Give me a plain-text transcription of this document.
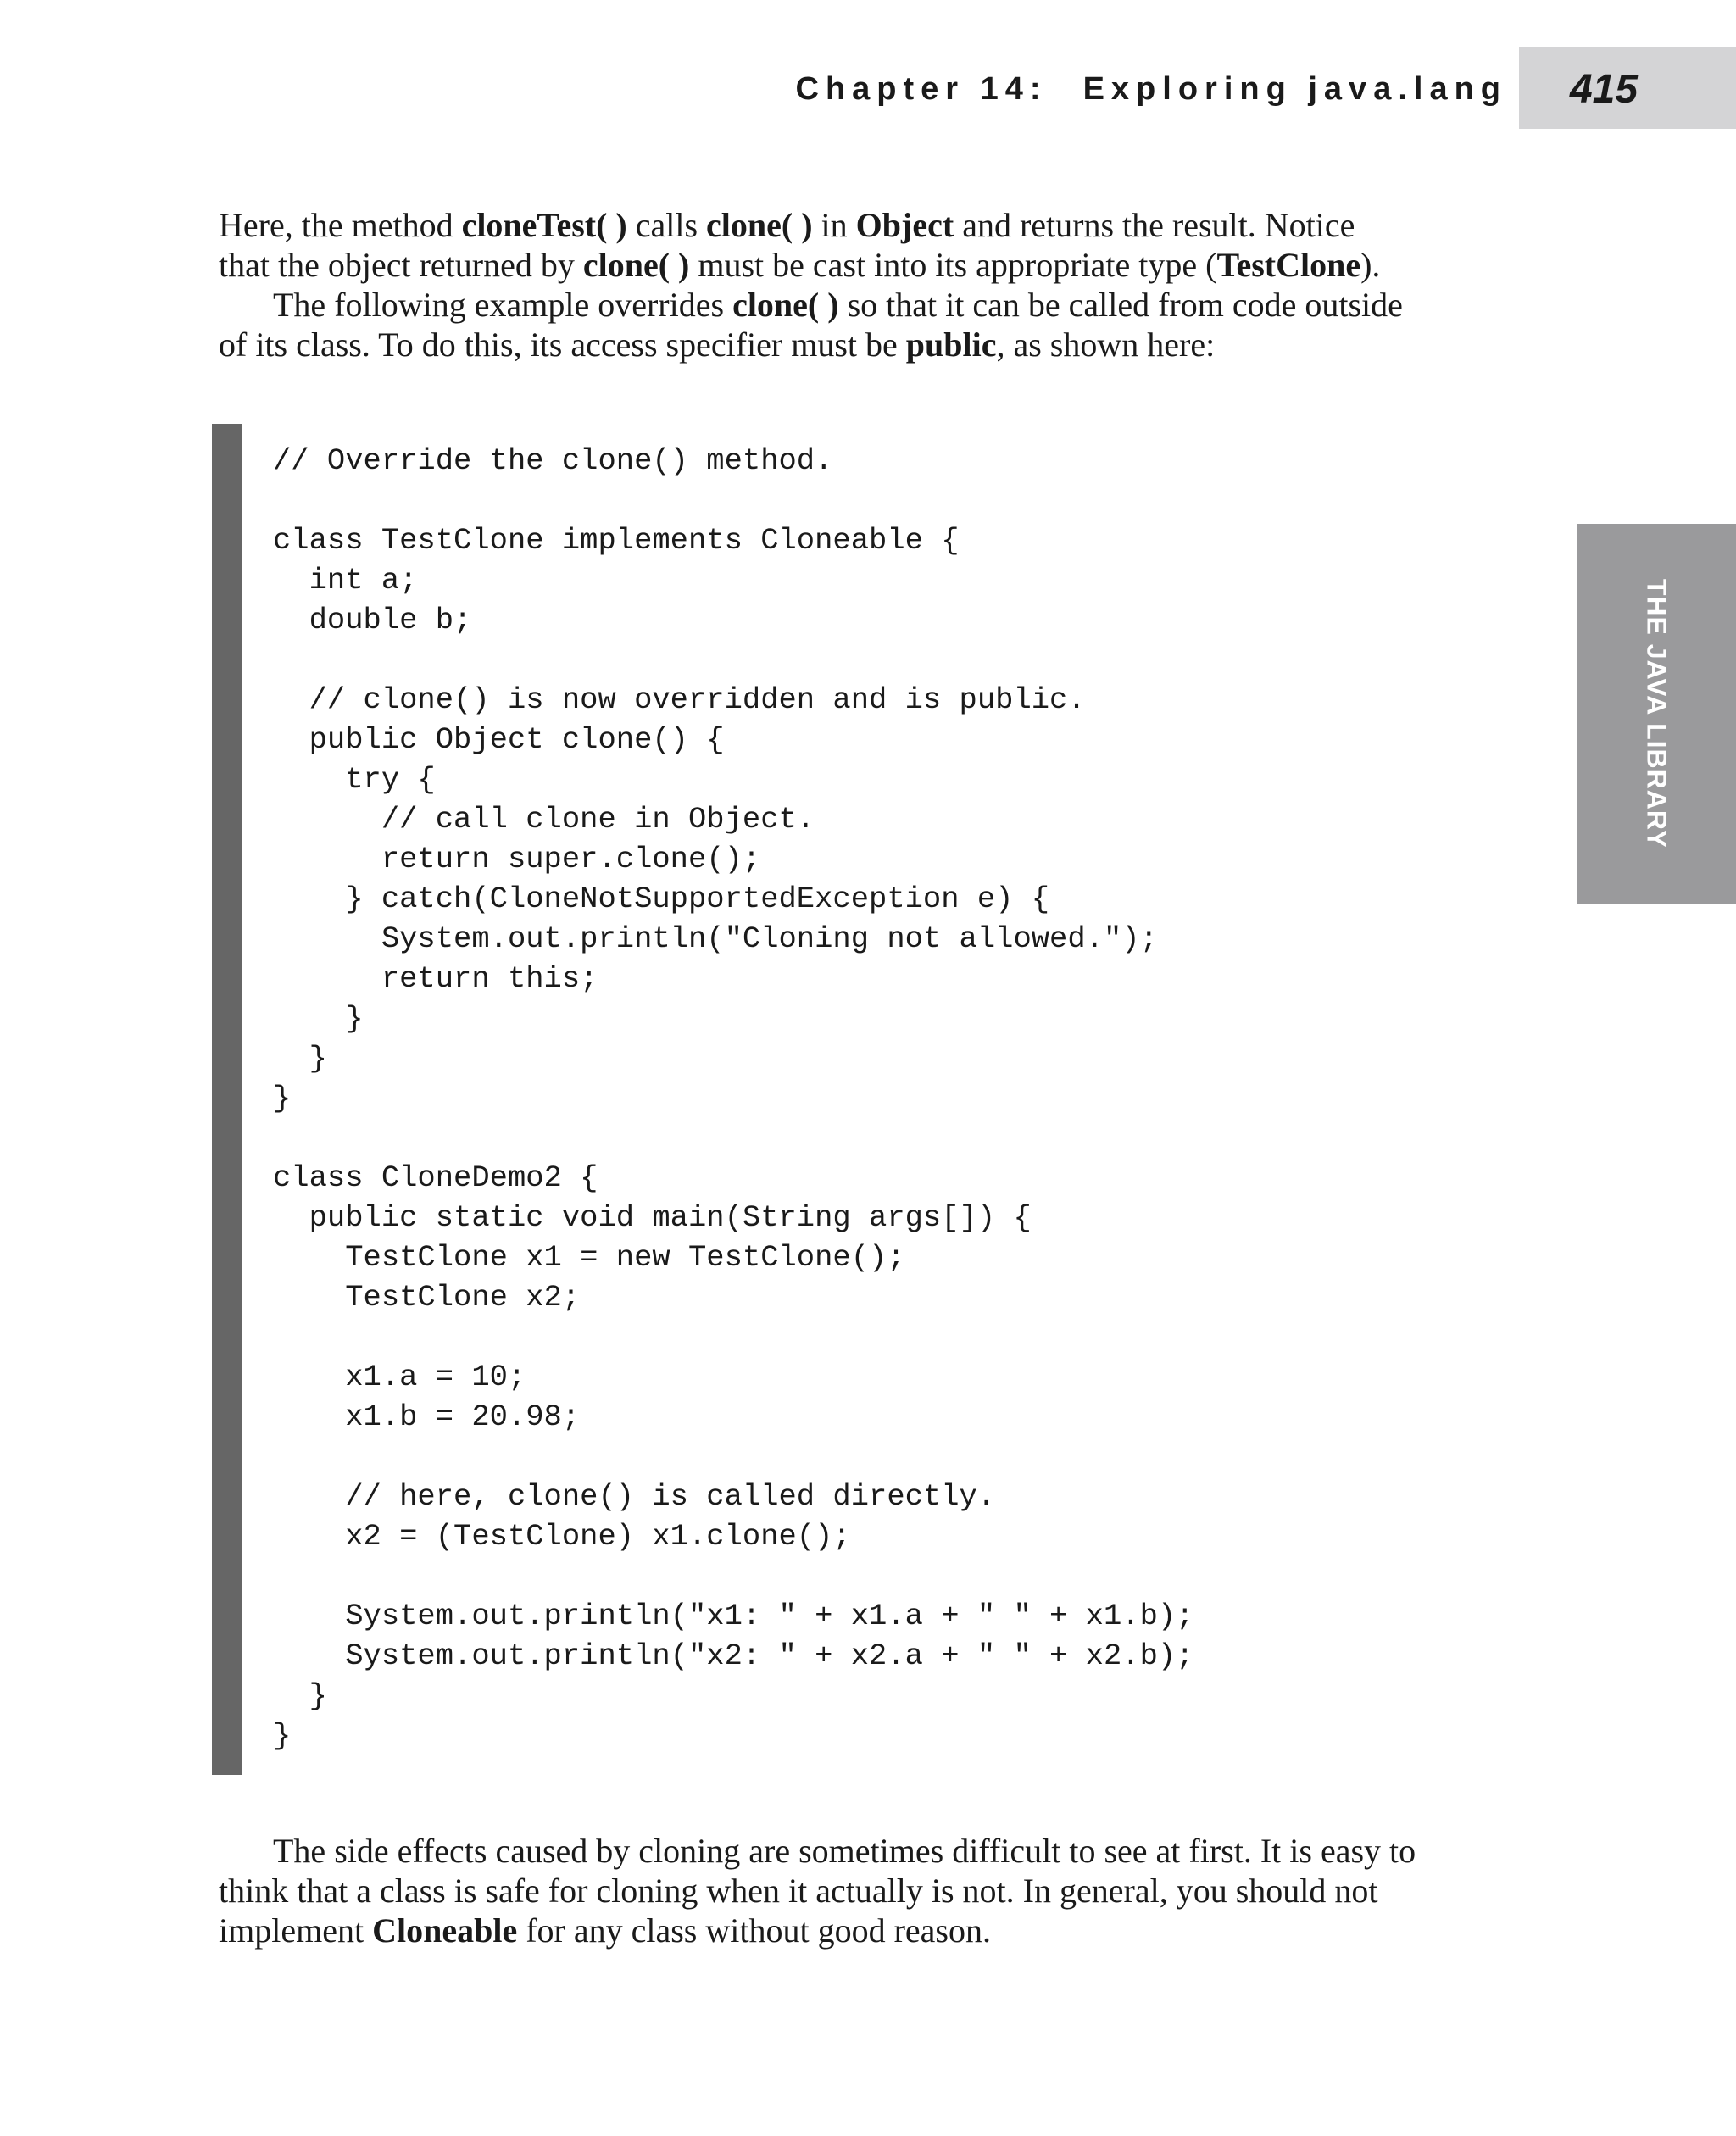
Chapter 14: Exploring java.lang	415
THE JAVA LIBRARY
Here, the method cloneTest( ) calls clone( ) in Object and returns the result. Notice
that the object returned by clone( ) must be cast into its appropriate type (TestClone).
The following example overrides clone( ) so that it can be called from code outside
of its class. To do this, its access specifier must be public, as shown here:
// Override the clone() method.
class TestClone implements Cloneable {
int a;
double b;
// clone() is now overridden and is public.
public Object clone() {
try {
// call clone in Object.
return super.clone();
} catch(CloneNotSupportedException e) {
System.out.println("Cloning not allowed.");
return this;
}
}
}
class CloneDemo2 {
public static void main(String args[]) {
TestClone x1 = new TestClone();
TestClone x2;
x1.a = 10;
x1.b = 20.98;
// here, clone() is called directly.
x2 = (TestClone) x1.clone();
System.out.println("x1: " + x1.a + " " + x1.b);
System.out.println("x2: " + x2.a + " " + x2.b);
}
}
The side effects caused by cloning are sometimes difficult to see at first. It is easy to
think that a class is safe for cloning when it actually is not. In general, you should not
implement Cloneable for any class without good reason.
